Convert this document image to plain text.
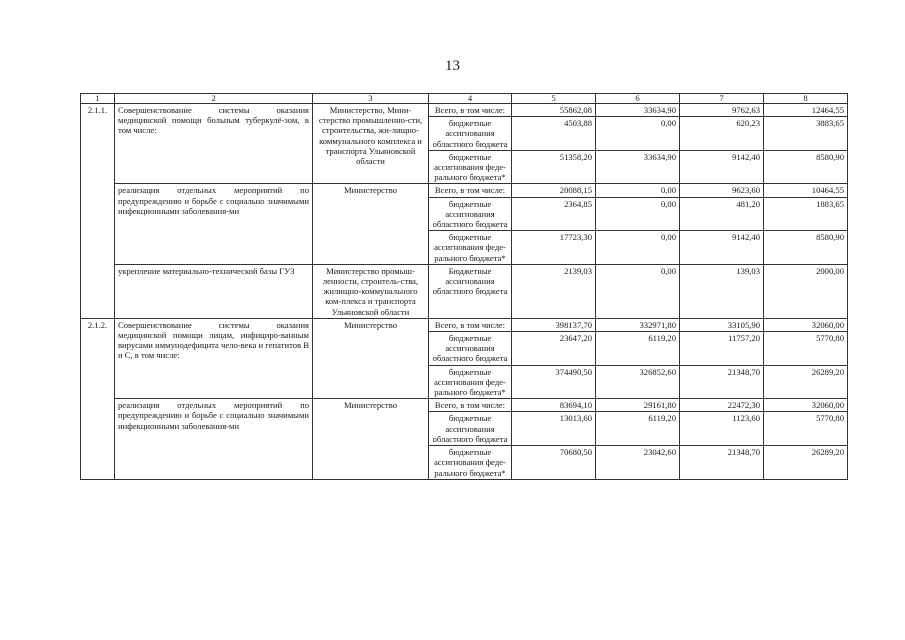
13
1	2	3	4	5	6	7	8
2.1.1.	Совершенствование системы оказания медицинской помощи больным туберкулё-зом, в том числе:	Министерство, Мини-стерство промышленно-сти, строительства, жи-лищно-коммунального комплекса и транспорта Ульяновской области	Всего, в том числе:	55862,08	33634,90	9762,63	12464,55
			бюджетные ассигнования областного бюджета	4503,88	0,00	620,23	3883,65
			бюджетные ассигнования феде-рального бюджета*	51358,20	33634,90	9142,40	8580,90
	реализация отдельных мероприятий по предупреждению и борьбе с социально значимыми инфекционными заболевания-ми	Министерство	Всего, в том числе:	20088,15	0,00	9623,60	10464,55
			бюджетные ассигнования областного бюджета	2364,85	0,00	481,20	1883,65
			бюджетные ассигнования феде-рального бюджета*	17723,30	0,00	9142,40	8580,90
	укрепление материально-технической базы ГУЗ	Министерство промыш-ленности, строитель-ства, жилищно-коммунального ком-плекса и транспорта Ульяновской области	Бюджетные ассигнования областного бюджета	2139,03	0,00	139,03	2000,00
2.1.2.	Совершенствование системы оказания медицинской помощи лицам, инфициро-ванным вирусами иммунодефицита чело-века и гепатитов В и С, в том числе:	Министерство	Всего, в том числе:	398137,70	332971,80	33105,90	32060,00
			бюджетные ассигнования областного бюджета	23647,20	6119,20	11757,20	5770,80
			бюджетные ассигнования феде-рального бюджета*	374490,50	326852,60	21348,70	26289,20
	реализация отдельных мероприятий по предупреждению и борьбе с социально значимыми инфекционными заболевания-ми	Министерство	Всего, в том числе:	83694,10	29161,80	22472,30	32060,00
			бюджетные ассигнования областного бюджета	13013,60	6119,20	1123,60	5770,80
			бюджетные ассигнования феде-рального бюджета*	70680,50	23042,60	21348,70	26289,20
